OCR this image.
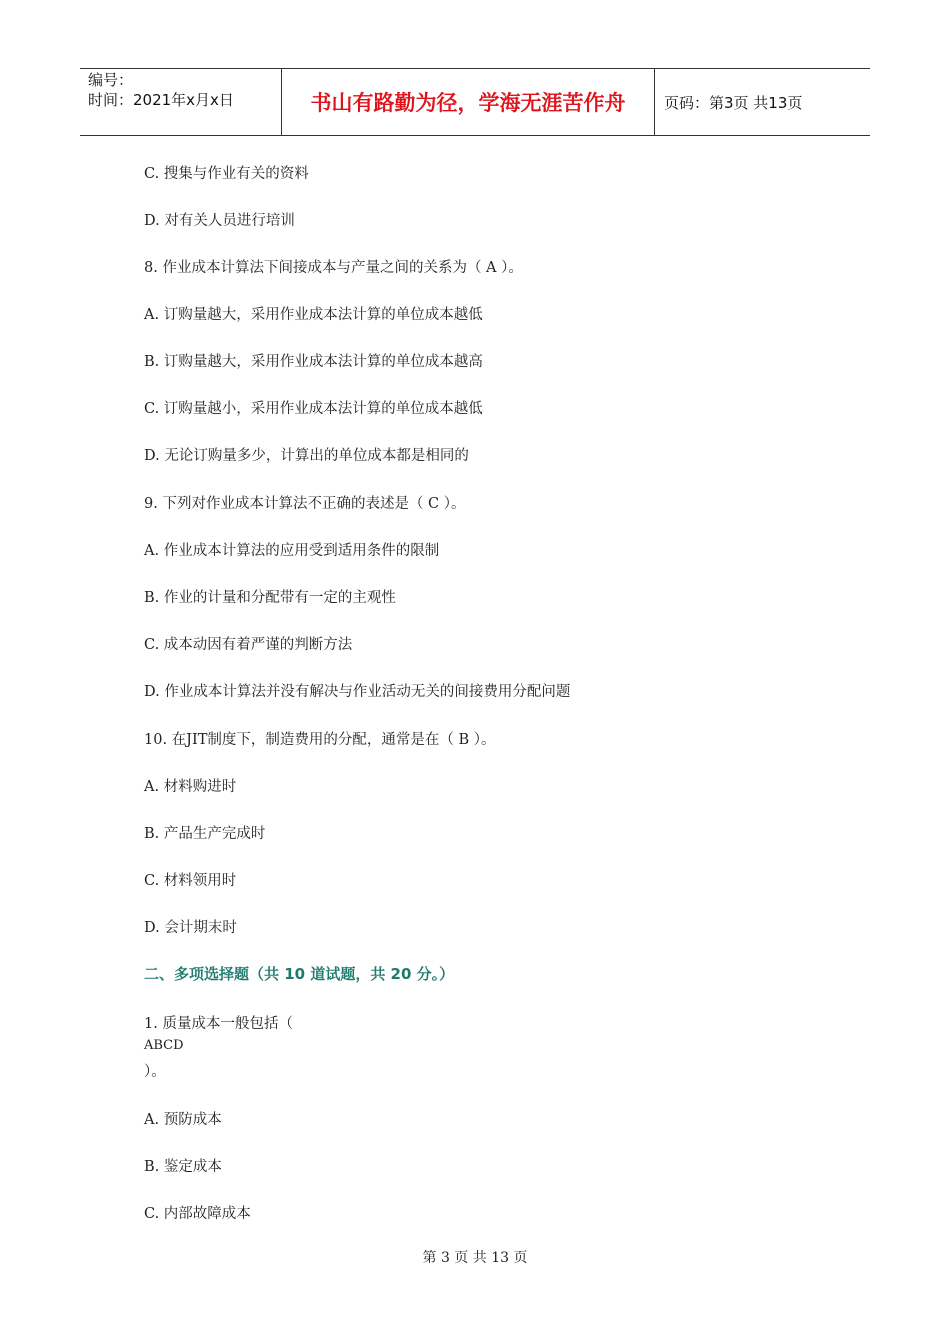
编号：
时间：2021年x月x日	书山有路勤为径，学海无涯苦作舟	页码：第3页 共13页
C. 搜集与作业有关的资料
D. 对有关人员进行培训
8. 作业成本计算法下间接成本与产量之间的关系为（ A ）。
A. 订购量越大，采用作业成本法计算的单位成本越低
B. 订购量越大，采用作业成本法计算的单位成本越高
C. 订购量越小，采用作业成本法计算的单位成本越低
D. 无论订购量多少，计算出的单位成本都是相同的
9. 下列对作业成本计算法不正确的表述是（ C ）。
A. 作业成本计算法的应用受到适用条件的限制
B. 作业的计量和分配带有一定的主观性
C. 成本动因有着严谨的判断方法
D. 作业成本计算法并没有解决与作业活动无关的间接费用分配问题
10. 在JIT制度下，制造费用的分配，通常是在（ B ）。
A. 材料购进时
B. 产品生产完成时
C. 材料领用时
D. 会计期末时
二、多项选择题（共 10 道试题，共 20 分。）
1. 质量成本一般包括（
ABCD
）。
A. 预防成本
B. 鉴定成本
C. 内部故障成本
第 3 页 共 13 页
